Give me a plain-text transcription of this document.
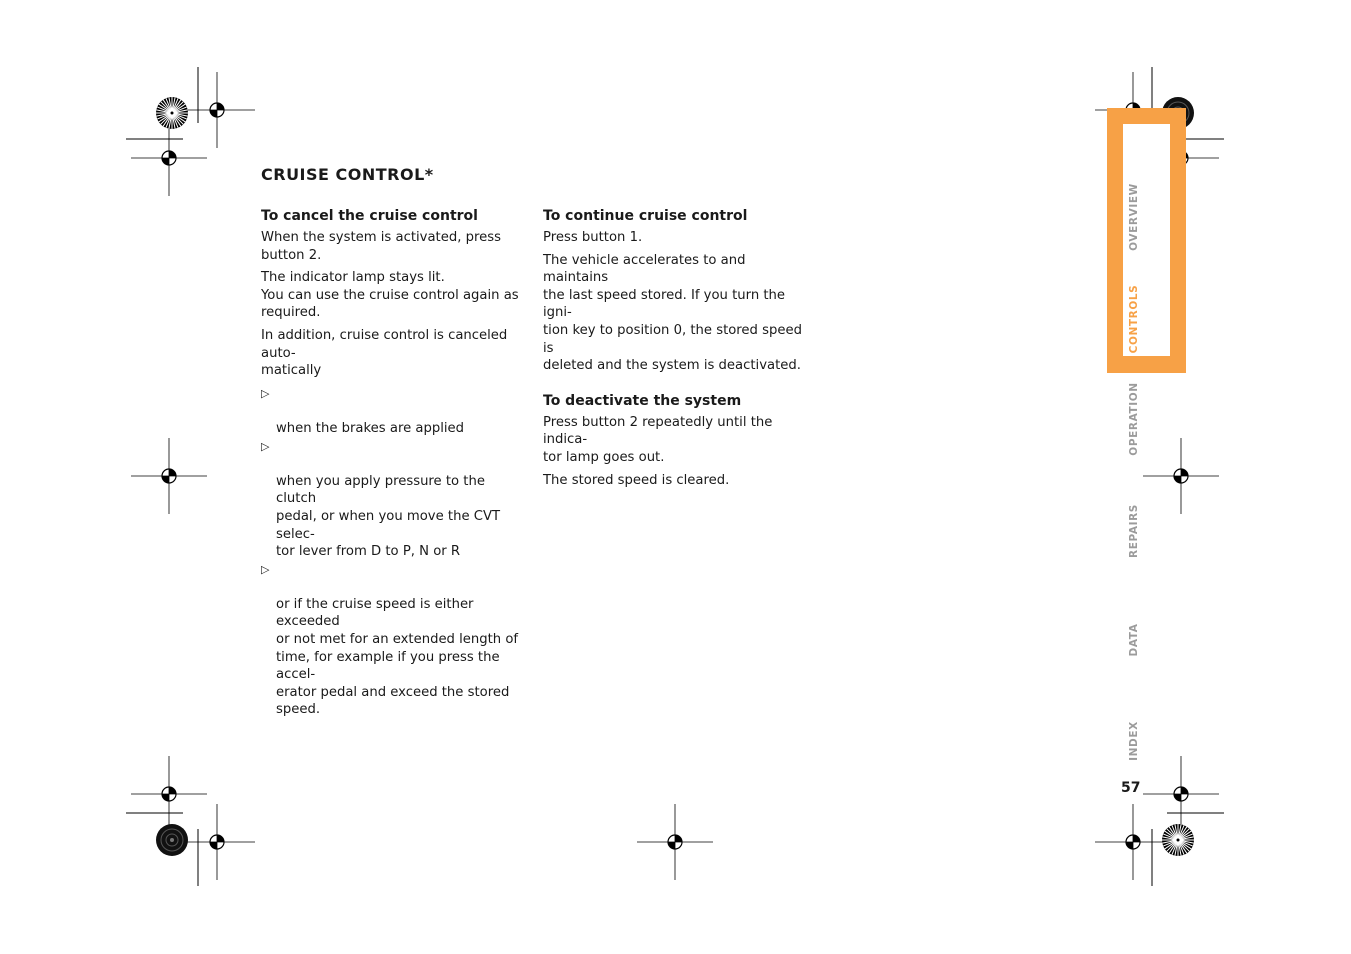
OVERVIEW
CONTROLS
OPERATION
REPAIRS
DATA
INDEX
CRUISE CONTROL*
To cancel the cruise control

When the system is activated, press
button 2.

The indicator lamp stays lit.
You can use the cruise control again as
required.

In addition, cruise control is canceled auto-
matically

▷

when the brakes are applied

▷

when you apply pressure to the clutch
pedal, or when you move the CVT selec-
tor lever from D to P, N or R

▷

or if the cruise speed is either exceeded
or not met for an extended length of
time, for example if you press the accel-
erator pedal and exceed the stored
speed.

To continue cruise control

Press button 1.

The vehicle accelerates to and maintains
the last speed stored. If you turn the igni-
tion key to position 0, the stored speed is
deleted and the system is deactivated.

To deactivate the system

Press button 2 repeatedly until the indica-
tor lamp goes out.

The stored speed is cleared.

57
